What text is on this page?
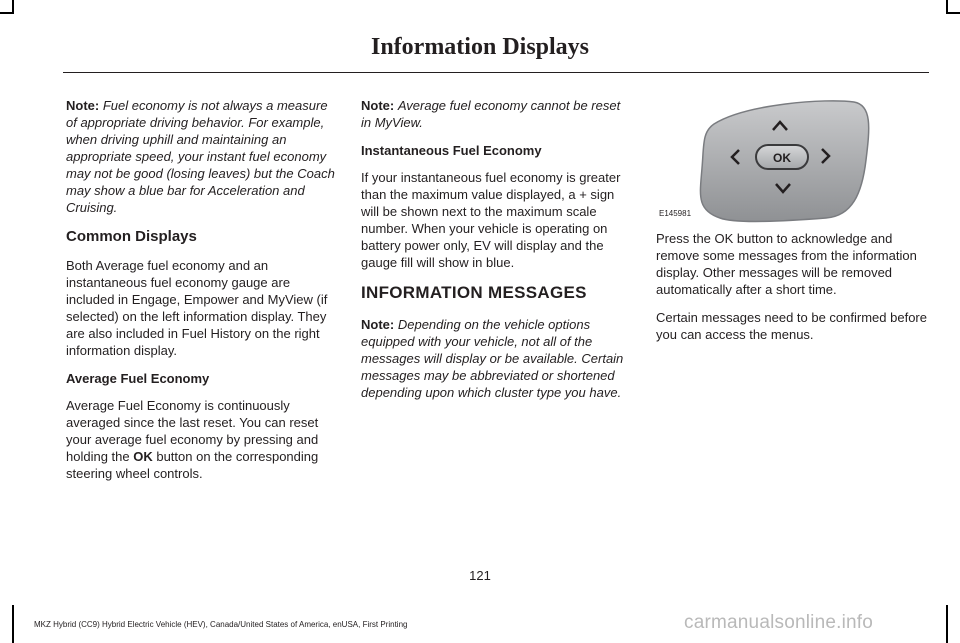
Information Displays

Note: Fuel economy is not always a measure of appropriate driving behavior. For example, when driving uphill and maintaining an appropriate speed, your instant fuel economy may not be good (losing leaves) but the Coach may show a blue bar for Acceleration and Cruising.

Common Displays

Both Average fuel economy and an instantaneous fuel economy gauge are included in Engage, Empower and MyView (if selected) on the left information display. They are also included in Fuel History on the right information display.

Average Fuel Economy

Average Fuel Economy is continuously averaged since the last reset. You can reset your average fuel economy by pressing and holding the OK button on the corresponding steering wheel controls.

Note: Average fuel economy cannot be reset in MyView.

Instantaneous Fuel Economy

If your instantaneous fuel economy is greater than the maximum value displayed, a + sign will be shown next to the maximum scale number. When your vehicle is operating on battery power only, EV will display and the gauge fill will show in blue.

INFORMATION MESSAGES

Note: Depending on the vehicle options equipped with your vehicle, not all of the messages will display or be available. Certain messages may be abbreviated or shortened depending upon which cluster type you have.

OK
E145981

Press the OK button to acknowledge and remove some messages from the information display. Other messages will be removed automatically after a short time.

Certain messages need to be confirmed before you can access the menus.

121
MKZ Hybrid (CC9) Hybrid Electric Vehicle (HEV), Canada/United States of America, enUSA, First Printing	carmanualsonline.info
